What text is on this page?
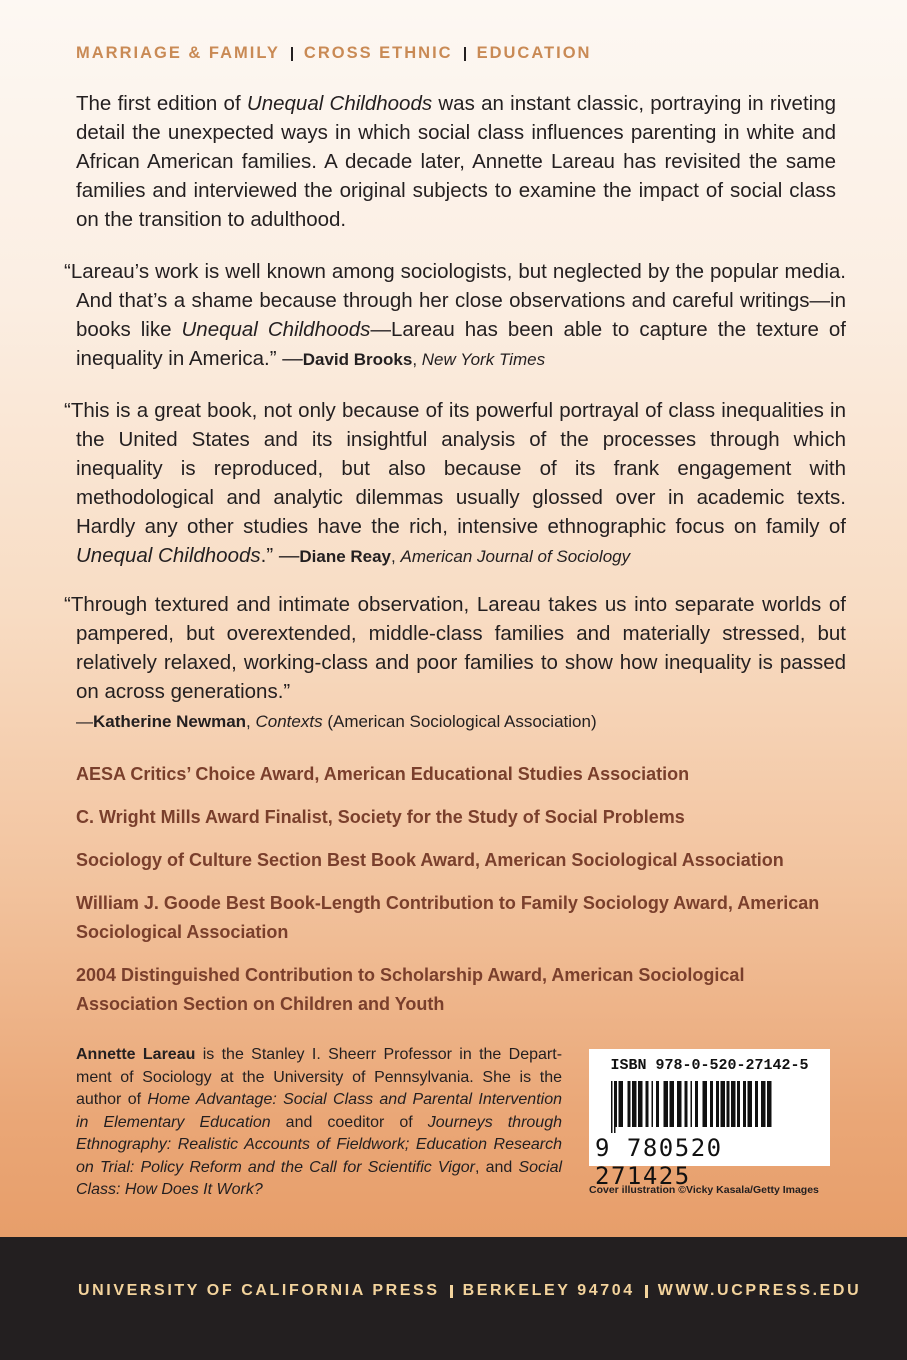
MARRIAGE & FAMILY CROSS ETHNIC EDUCATION

The first edition of Unequal Childhoods was an instant classic, portraying in riveting detail the unexpected ways in which social class influences parenting in white and African American families. A decade later, Annette Lareau has revisited the same families and interviewed the original subjects to examine the impact of social class on the transition to adulthood.

“Lareau’s work is well known among sociologists, but neglected by the popular media. And that’s a shame because through her close observations and careful writings—in books like Unequal Childhoods—Lareau has been able to capture the texture of inequality in America.” —David Brooks, New York Times

“This is a great book, not only because of its powerful portrayal of class inequalities in the United States and its insightful analysis of the processes through which inequality is reproduced, but also because of its frank engagement with methodological and analytic dilemmas usually glossed over in academic texts. Hardly any other studies have the rich, intensive ethnographic focus on family of Unequal Childhoods.” —Diane Reay, American Journal of Sociology

“Through textured and intimate observation, Lareau takes us into separate worlds of pampered, but overextended, middle-class families and materially stressed, but relatively relaxed, working-class and poor families to show how inequality is passed on across generations.”
—Katherine Newman, Contexts (American Sociological Association)

AESA Critics’ Choice Award, American Educational Studies Association
C. Wright Mills Award Finalist, Society for the Study of Social Problems
Sociology of Culture Section Best Book Award, American Sociological Association
William J. Goode Best Book-Length Contribution to Family Sociology Award, American Sociological Association
2004 Distinguished Contribution to Scholarship Award, American Sociological Association Section on Children and Youth

Annette Lareau is the Stanley I. Sheerr Professor in the Department of Sociology at the University of Pennsylvania. She is the author of Home Advantage: Social Class and Parental Intervention in Elementary Education and coeditor of Journeys through Ethnography: Realistic Accounts of Fieldwork; Education Research on Trial: Policy Reform and the Call for Scientific Vigor, and Social Class: How Does It Work?

ISBN 978-0-520-27142-5
9 780520 271425
Cover illustration ©Vicky Kasala/Getty Images
UNIVERSITY OF CALIFORNIA PRESS BERKELEY 94704 WWW.UCPRESS.EDU
